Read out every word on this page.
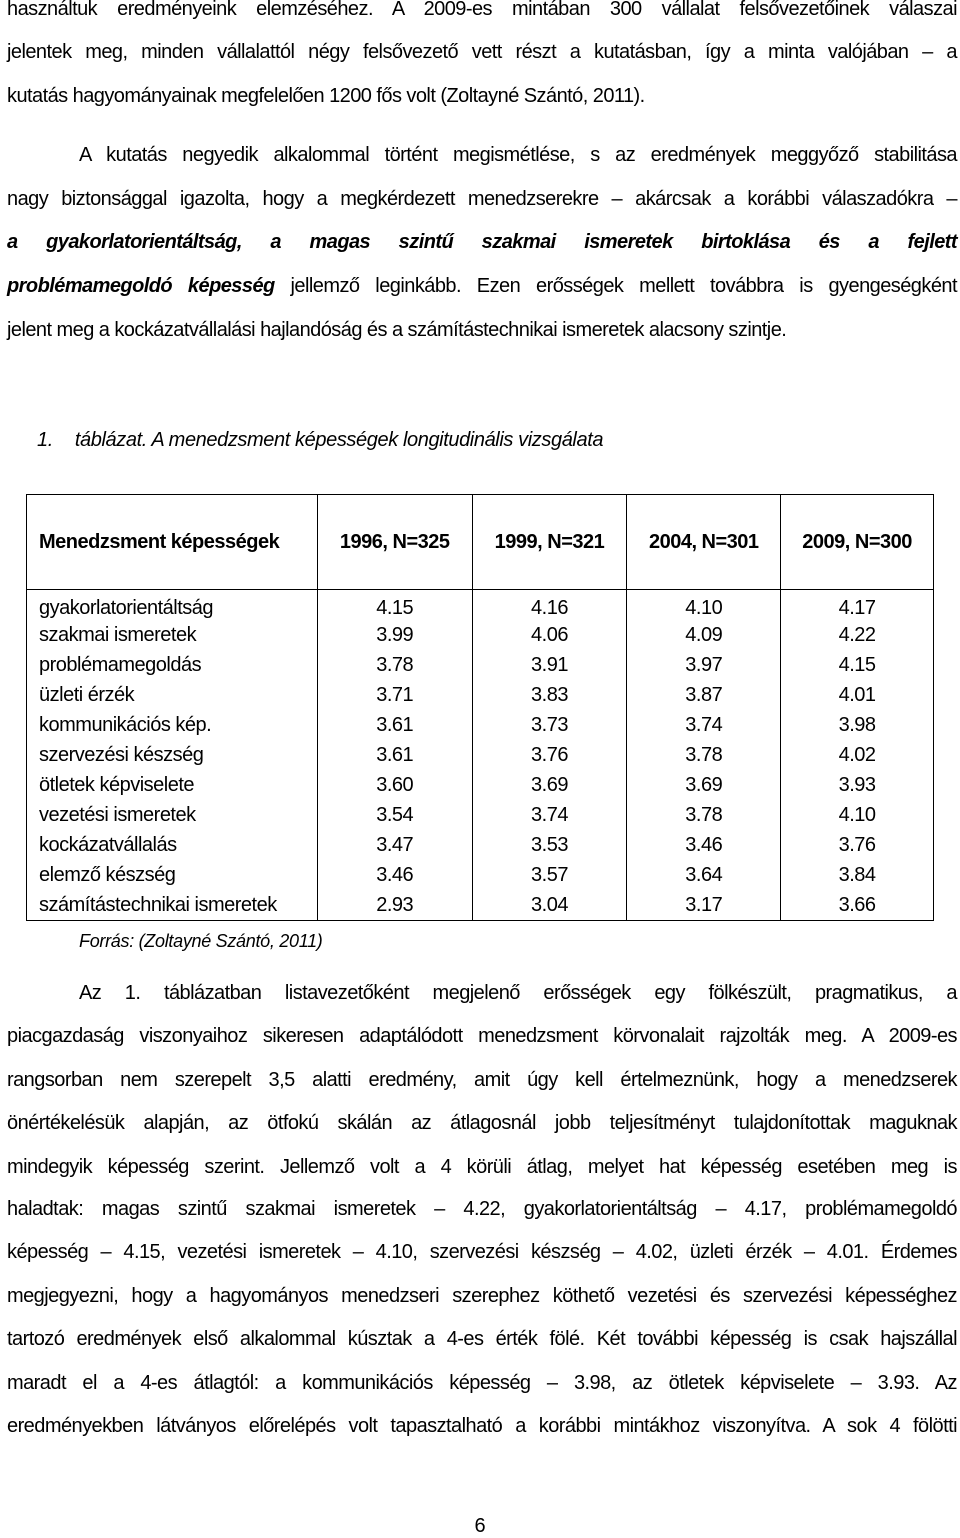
használtuk eredményeink elemzéséhez. A 2009-es mintában 300 vállalat felsővezetőinek válaszai
jelentek meg, minden vállalattól négy felsővezető vett részt a kutatásban, így a minta valójában – a
kutatás hagyományainak megfelelően 1200 fős volt (Zoltayné Szántó, 2011).
A kutatás negyedik alkalommal történt megismétlése, s az eredmények meggyőző stabilitása
nagy biztonsággal igazolta, hogy a megkérdezett menedzserekre – akárcsak a korábbi válaszadókra –
a gyakorlatorientáltság, a magas szintű szakmai ismeretek birtoklása és a fejlett
problémamegoldó képesség jellemző leginkább. Ezen erősségek mellett továbbra is gyengeségként
jelent meg a kockázatvállalási hajlandóság és a számítástechnikai ismeretek alacsony szintje.
1. táblázat. A menedzsment képességek longitudinális vizsgálata
Menedzsment képességek	1996, N=325	1999, N=321	2004, N=301	2009, N=300
gyakorlatorientáltság	4.15	4.16	4.10	4.17
szakmai ismeretek	3.99	4.06	4.09	4.22
problémamegoldás	3.78	3.91	3.97	4.15
üzleti érzék	3.71	3.83	3.87	4.01
kommunikációs kép.	3.61	3.73	3.74	3.98
szervezési készség	3.61	3.76	3.78	4.02
ötletek képviselete	3.60	3.69	3.69	3.93
vezetési ismeretek	3.54	3.74	3.78	4.10
kockázatvállalás	3.47	3.53	3.46	3.76
elemző készség	3.46	3.57	3.64	3.84
számítástechnikai ismeretek	2.93	3.04	3.17	3.66
Forrás: (Zoltayné Szántó, 2011)
Az 1. táblázatban listavezetőként megjelenő erősségek egy fölkészült, pragmatikus, a
piacgazdaság viszonyaihoz sikeresen adaptálódott menedzsment körvonalait rajzolták meg. A 2009-es
rangsorban nem szerepelt 3,5 alatti eredmény, amit úgy kell értelmeznünk, hogy a menedzserek
önértékelésük alapján, az ötfokú skálán az átlagosnál jobb teljesítményt tulajdonítottak maguknak
mindegyik képesség szerint. Jellemző volt a 4 körüli átlag, melyet hat képesség esetében meg is
haladtak: magas szintű szakmai ismeretek – 4.22, gyakorlatorientáltság – 4.17, problémamegoldó
képesség – 4.15, vezetési ismeretek – 4.10, szervezési készség – 4.02, üzleti érzék – 4.01. Érdemes
megjegyezni, hogy a hagyományos menedzseri szerephez köthető vezetési és szervezési képességhez
tartozó eredmények első alkalommal kúsztak a 4-es érték fölé. Két további képesség is csak hajszállal
maradt el a 4-es átlagtól: a kommunikációs képesség – 3.98, az ötletek képviselete – 3.93. Az
eredményekben látványos előrelépés volt tapasztalható a korábbi mintákhoz viszonyítva. A sok 4 fölötti
6
